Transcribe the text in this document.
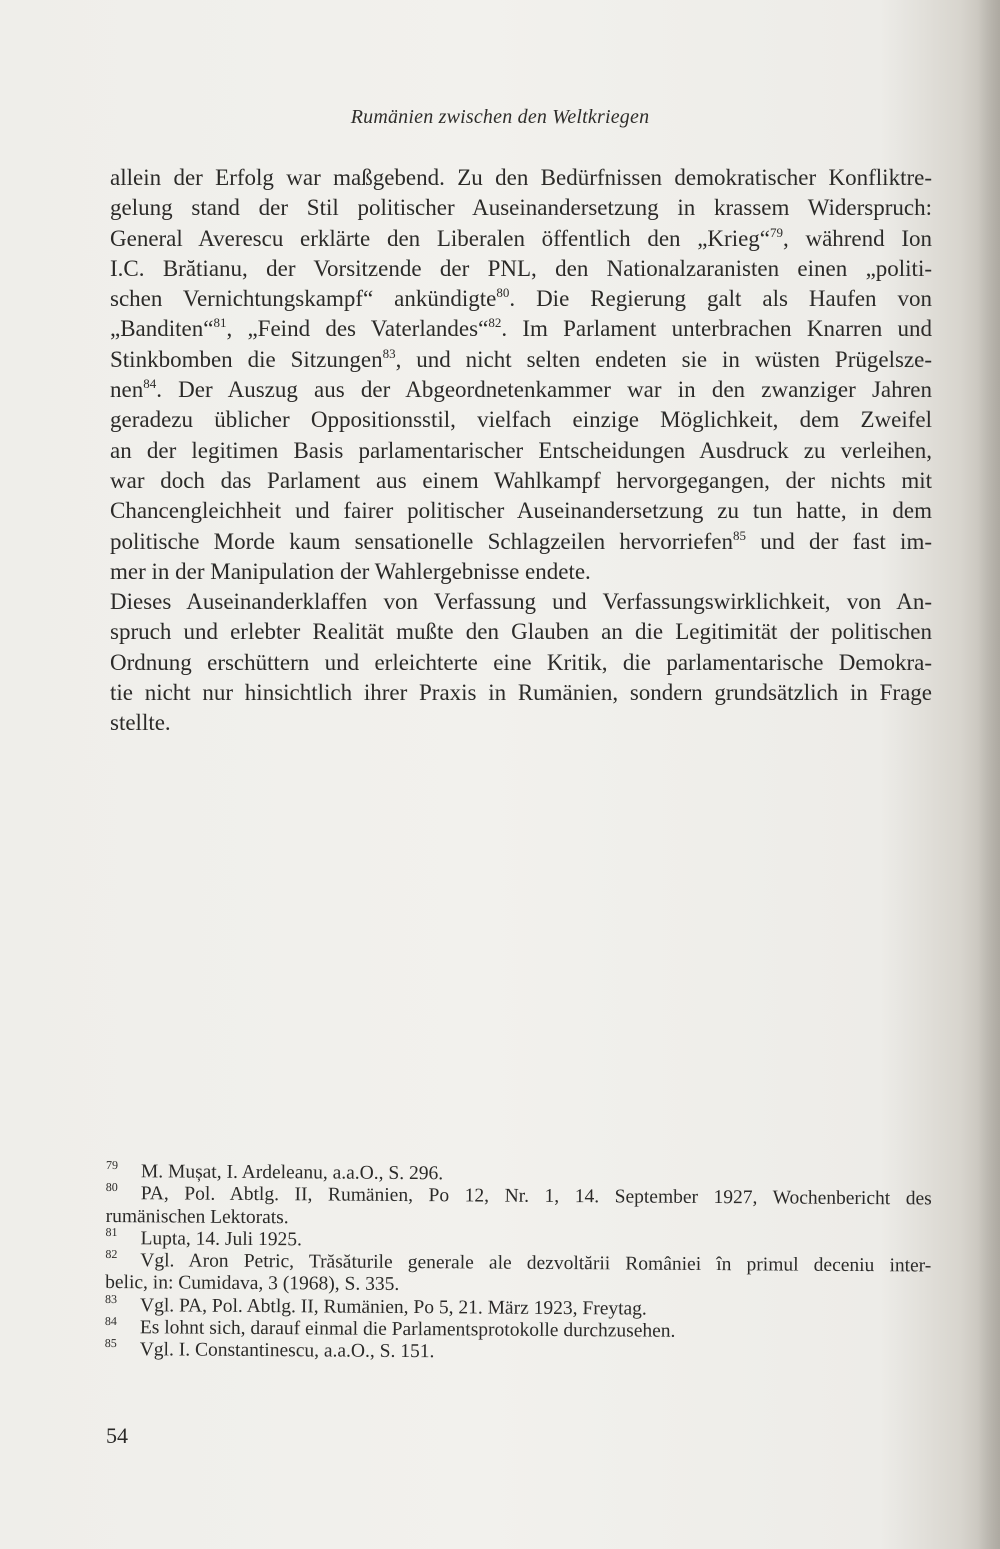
Rumänien zwischen den Weltkriegen
allein der Erfolg war maßgebend. Zu den Bedürfnissen demokratischer Konfliktre-
gelung stand der Stil politischer Auseinandersetzung in krassem Widerspruch:
General Averescu erklärte den Liberalen öffentlich den „Krieg“$^{79}$, während Ion
I.C. Brătianu, der Vorsitzende der PNL, den Nationalzaranisten einen „politi-
schen Vernichtungskampf“ ankündigte$^{80}$. Die Regierung galt als Haufen von
„Banditen“$^{81}$, „Feind des Vaterlandes“$^{82}$. Im Parlament unterbrachen Knarren und
Stinkbomben die Sitzungen$^{83}$, und nicht selten endeten sie in wüsten Prügelsze-
nen$^{84}$. Der Auszug aus der Abgeordnetenkammer war in den zwanziger Jahren
geradezu üblicher Oppositionsstil, vielfach einzige Möglichkeit, dem Zweifel
an der legitimen Basis parlamentarischer Entscheidungen Ausdruck zu verleihen,
war doch das Parlament aus einem Wahlkampf hervorgegangen, der nichts mit
Chancengleichheit und fairer politischer Auseinandersetzung zu tun hatte, in dem
politische Morde kaum sensationelle Schlagzeilen hervorriefen$^{85}$ und der fast im-
mer in der Manipulation der Wahlergebnisse endete.
Dieses Auseinanderklaffen von Verfassung und Verfassungswirklichkeit, von An-
spruch und erlebter Realität mußte den Glauben an die Legitimität der politischen
Ordnung erschüttern und erleichterte eine Kritik, die parlamentarische Demokra-
tie nicht nur hinsichtlich ihrer Praxis in Rumänien, sondern grundsätzlich in Frage
stellte.
79 M. Mușat, I. Ardeleanu, a.a.O., S. 296.
80 PA, Pol. Abtlg. II, Rumänien, Po 12, Nr. 1, 14. September 1927, Wochenbericht des
rumänischen Lektorats.
81 Lupta, 14. Juli 1925.
82 Vgl. Aron Petric, Trăsăturile generale ale dezvoltării României în primul deceniu inter-
belic, in: Cumidava, 3 (1968), S. 335.
83 Vgl. PA, Pol. Abtlg. II, Rumänien, Po 5, 21. März 1923, Freytag.
84 Es lohnt sich, darauf einmal die Parlamentsprotokolle durchzusehen.
85 Vgl. I. Constantinescu, a.a.O., S. 151.
54
